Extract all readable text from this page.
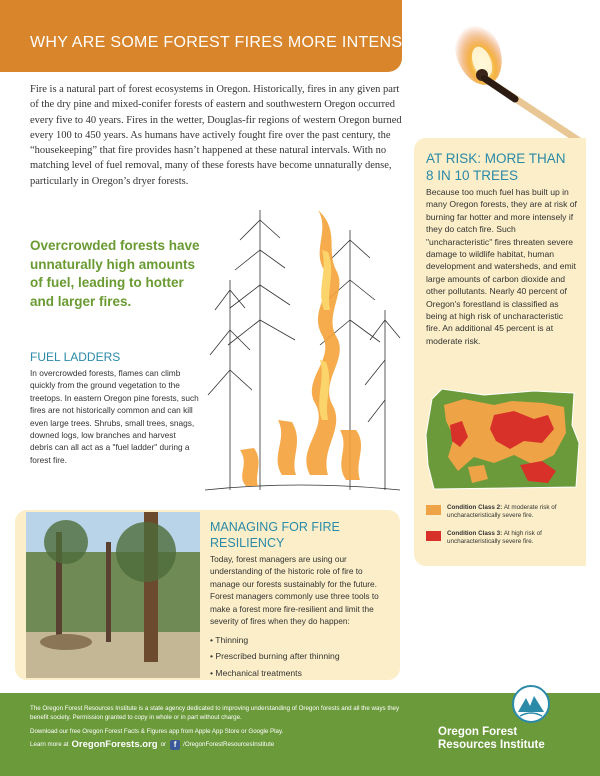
WHY ARE SOME FOREST FIRES MORE INTENSE?
Fire is a natural part of forest ecosystems in Oregon. Historically, fires in any given part of the dry pine and mixed-conifer forests of eastern and southwestern Oregon occurred every five to 40 years. Fires in the wetter, Douglas-fir regions of western Oregon burned every 100 to 450 years. As humans have actively fought fire over the past century, the “housekeeping” that fire provides hasn’t happened at these natural intervals. With no matching level of fuel removal, many of these forests have become unnaturally dense, particularly in Oregon’s dryer forests.
AT RISK: MORE THAN 8 IN 10 TREES
Because too much fuel has built up in many Oregon forests, they are at risk of burning far hotter and more intensely if they do catch fire. Such "uncharacteristic" fires threaten severe damage to wildlife habitat, human development and watersheds, and emit large amounts of carbon dioxide and other pollutants. Nearly 40 percent of Oregon's forestland is classified as being at high risk of uncharacteristic fire. An additional 45 percent is at moderate risk.
Condition Class 2: At moderate risk of uncharacteristically severe fire.
Condition Class 3: At high risk of uncharacteristically severe fire.
Overcrowded forests have unnaturally high amounts of fuel, leading to hotter and larger fires.
FUEL LADDERS
In overcrowded forests, flames can climb quickly from the ground vegetation to the treetops. In eastern Oregon pine forests, such fires are not historically common and can kill even large trees. Shrubs, small trees, snags, downed logs, low branches and harvest debris can all act as a "fuel ladder" during a forest fire.
MANAGING FOR FIRE RESILIENCY
Today, forest managers are using our understanding of the historic role of fire to manage our forests sustainably for the future. Forest managers commonly use three tools to make a forest more fire-resilient and limit the severity of fires when they do happen:
• Thinning
• Prescribed burning after thinning
• Mechanical treatments
The Oregon Forest Resources Institute is a state agency dedicated to improving understanding of Oregon forests and all the ways they benefit society. Permission granted to copy in whole or in part without charge.
Download our free Oregon Forest Facts & Figures app from Apple App Store or Google Play.
Learn more at OregonForests.org or f	/OregonForestResourcesInstitute
Oregon Forest
Resources Institute
